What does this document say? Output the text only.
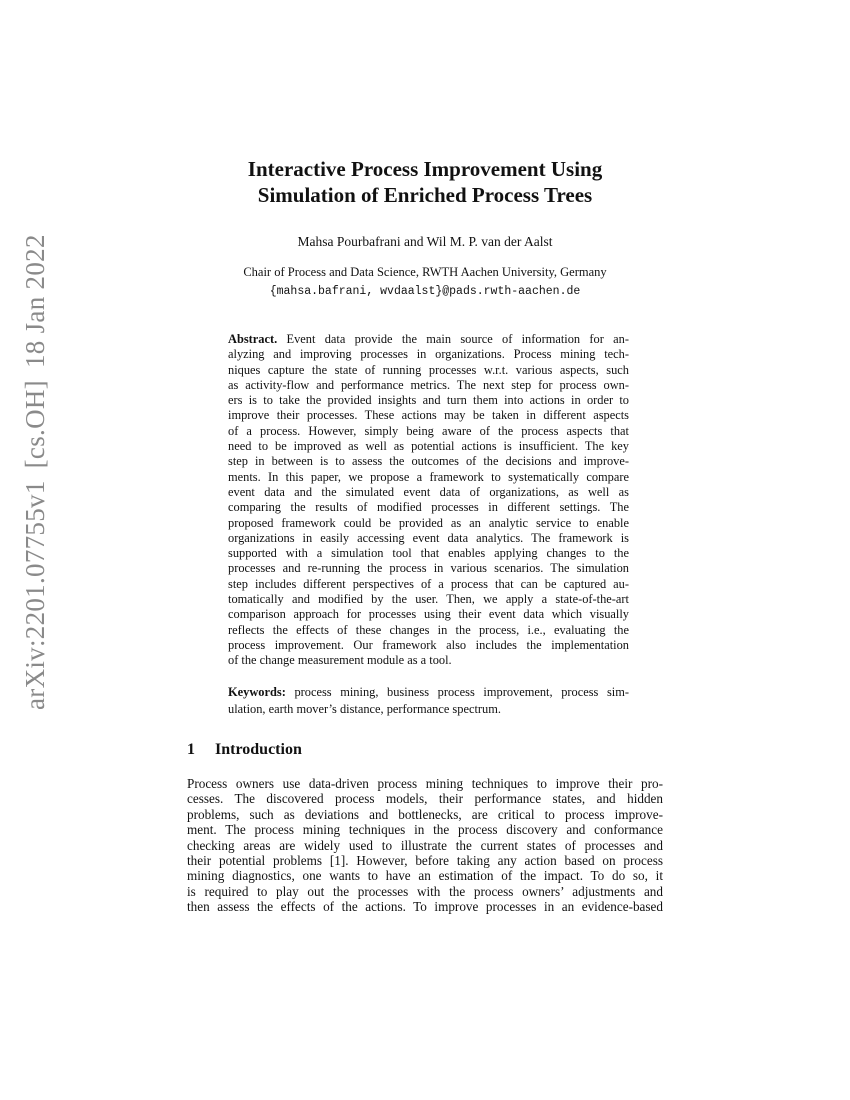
arXiv:2201.07755v1[cs.OH]18 Jan 2022
Interactive Process Improvement Using
Simulation of Enriched Process Trees
Mahsa Pourbafrani and Wil M. P. van der Aalst
Chair of Process and Data Science, RWTH Aachen University, Germany
{mahsa.bafrani, wvdaalst}@pads.rwth-aachen.de
Abstract. Event data provide the main source of information for an-
alyzing and improving processes in organizations. Process mining tech-
niques capture the state of running processes w.r.t. various aspects, such
as activity-flow and performance metrics. The next step for process own-
ers is to take the provided insights and turn them into actions in order to
improve their processes. These actions may be taken in different aspects
of a process. However, simply being aware of the process aspects that
need to be improved as well as potential actions is insufficient. The key
step in between is to assess the outcomes of the decisions and improve-
ments. In this paper, we propose a framework to systematically compare
event data and the simulated event data of organizations, as well as
comparing the results of modified processes in different settings. The
proposed framework could be provided as an analytic service to enable
organizations in easily accessing event data analytics. The framework is
supported with a simulation tool that enables applying changes to the
processes and re-running the process in various scenarios. The simulation
step includes different perspectives of a process that can be captured au-
tomatically and modified by the user. Then, we apply a state-of-the-art
comparison approach for processes using their event data which visually
reflects the effects of these changes in the process, i.e., evaluating the
process improvement. Our framework also includes the implementation
of the change measurement module as a tool.
Keywords: process mining, business process improvement, process sim-
ulation, earth mover’s distance, performance spectrum.
1 Introduction
Process owners use data-driven process mining techniques to improve their pro-
cesses. The discovered process models, their performance states, and hidden
problems, such as deviations and bottlenecks, are critical to process improve-
ment. The process mining techniques in the process discovery and conformance
checking areas are widely used to illustrate the current states of processes and
their potential problems [1]. However, before taking any action based on process
mining diagnostics, one wants to have an estimation of the impact. To do so, it
is required to play out the processes with the process owners’ adjustments and
then assess the effects of the actions. To improve processes in an evidence-based
